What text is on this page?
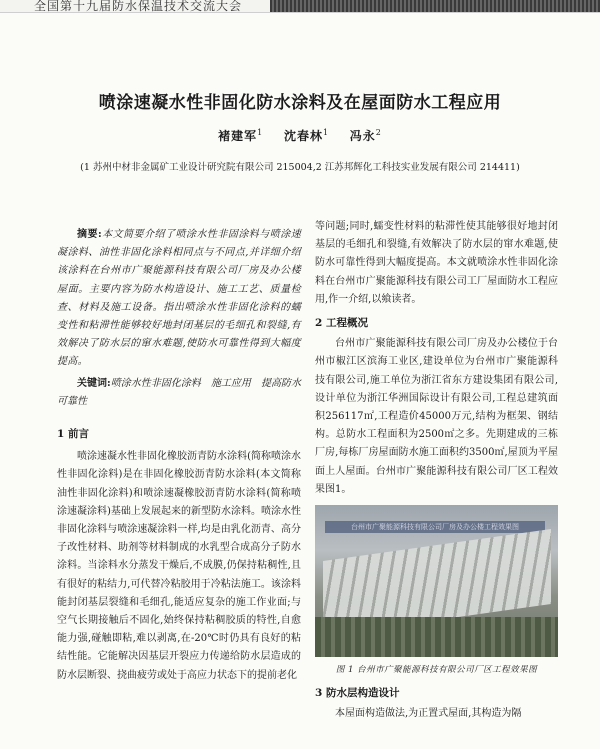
全国第十九届防水保温技术交流大会
喷涂速凝水性非固化防水涂料及在屋面防水工程应用
褚建军$^1$ 沈春林$^1$ 冯永$^2$
(1 苏州中材非金属矿工业设计研究院有限公司 215004,2 江苏邦辉化工科技实业发展有限公司 214411)

摘要:本文简要介绍了喷涂水性非固涂料与喷涂速凝涂料、油性非固化涂料相同点与不同点,并详细介绍该涂料在台州市广聚能源科技有限公司厂房及办公楼屋面。主要内容为防水构造设计、施工工艺、质量检查、材料及施工设备。指出喷涂水性非固化涂料的蠕变性和粘滞性能够较好地封闭基层的毛细孔和裂缝,有效解决了防水层的窜水难题,使防水可靠性得到大幅度提高。

关键词:喷涂水性非固化涂料　施工应用　提高防水可靠性

1 前言

喷涂速凝水性非固化橡胶沥青防水涂料(简称喷涂水性非固化涂料)是在非固化橡胶沥青防水涂料(本文简称油性非固化涂料)和喷涂速凝橡胶沥青防水涂料(简称喷涂速凝涂料)基础上发展起来的新型防水涂料。喷涂水性非固化涂料与喷涂速凝涂料一样,均是由乳化沥青、高分子改性材料、助剂等材料制成的水乳型合成高分子防水涂料。当涂料水分蒸发干燥后,不成膜,仍保持粘稠性,且有很好的粘结力,可代替冷粘胶用于冷粘法施工。该涂料能封闭基层裂缝和毛细孔,能适应复杂的施工作业面;与空气长期接触后不固化,始终保持粘稠胶质的特性,自愈能力强,碰触即粘,难以剥离,在-20℃时仍具有良好的粘结性能。它能解决因基层开裂应力传递给防水层造成的防水层断裂、挠曲疲劳或处于高应力状态下的提前老化

等问题;同时,蠕变性材料的粘滞性使其能够很好地封闭基层的毛细孔和裂缝,有效解决了防水层的窜水难题,使防水可靠性得到大幅度提高。本文就喷涂水性非固化涂料在台州市广聚能源科技有限公司工厂屋面防水工程应用,作一介绍,以飨读者。

2 工程概况

台州市广聚能源科技有限公司厂房及办公楼位于台州市椒江区滨海工业区,建设单位为台州市广聚能源科技有限公司,施工单位为浙江省东方建设集团有限公司,设计单位为浙江华洲国际设计有限公司,工程总建筑面积256117㎡,工程造价45000万元,结构为框架、钢结构。总防水工程面积为2500㎡之多。先期建成的三栋厂房,每栋厂房屋面防水施工面积约3500㎡,屋顶为平屋面上人屋面。台州市广聚能源科技有限公司厂区工程效果图1。

台州市广聚能源科技有限公司厂房及办公楼工程效果图
图 1 台州市广聚能源科技有限公司厂区工程效果图
3 防水层构造设计

本屋面构造做法,为正置式屋面,其构造为隔
